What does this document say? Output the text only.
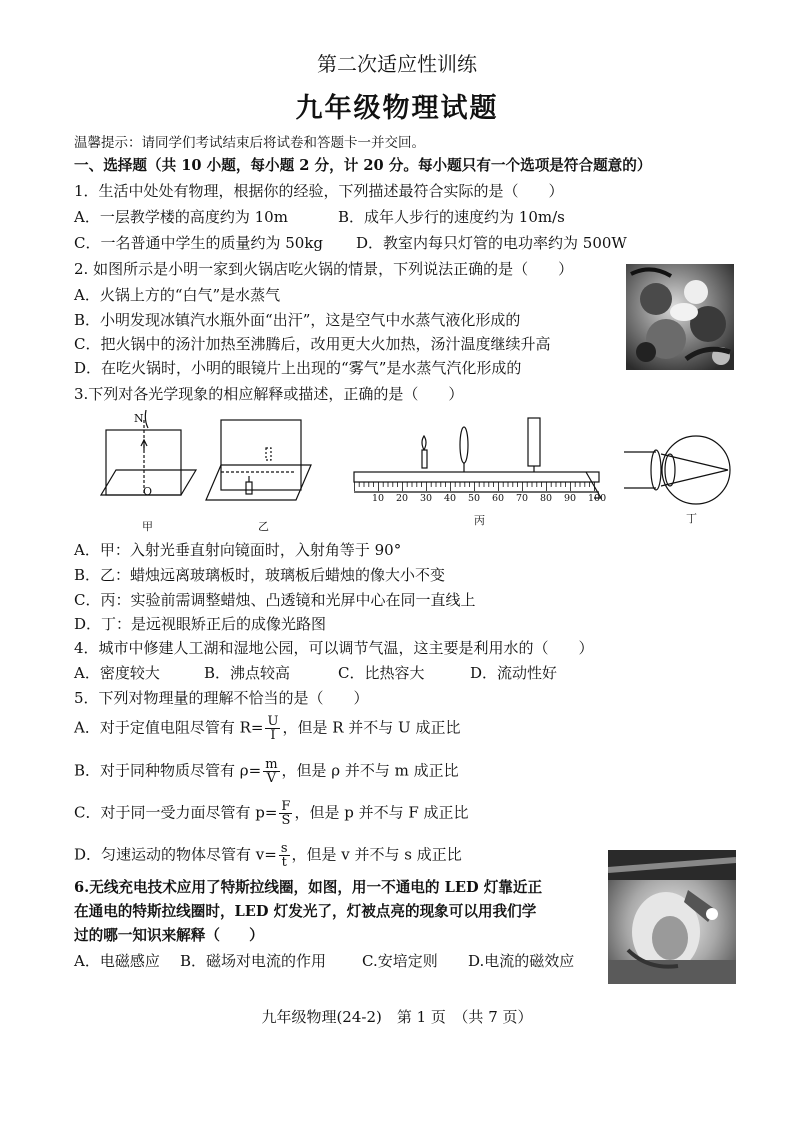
第二次适应性训练
九年级物理试题
温馨提示：请同学们考试结束后将试卷和答题卡一并交回。
一、选择题（共 10 小题，每小题 2 分，计 20 分。每小题只有一个选项是符合题意的）
1．生活中处处有物理，根据你的经验，下列描述最符合实际的是（　　）
A．一层教学楼的高度约为 10m	B．成年人步行的速度约为 10m/s
C．一名普通中学生的质量约为 50kg D．教室内每只灯管的电功率约为 500W
2. 如图所示是小明一家到火锅店吃火锅的情景，下列说法正确的是（　　）
A．火锅上方的“白气”是水蒸气
B．小明发现冰镇汽水瓶外面“出汗”，这是空气中水蒸气液化形成的
C．把火锅中的汤汁加热至沸腾后，改用更大火加热，汤汁温度继续升高
D．在吃火锅时，小明的眼镜片上出现的“雾气”是水蒸气汽化形成的
3.下列对各光学现象的相应解释或描述，正确的是（　　）
N
O
10 20 30 40 50 60 70 80 90 100
甲	乙	丙	丁
A．甲：入射光垂直射向镜面时，入射角等于 90°
B．乙：蜡烛远离玻璃板时，玻璃板后蜡烛的像大小不变
C．丙：实验前需调整蜡烛、凸透镜和光屏中心在同一直线上
D．丁：是远视眼矫正后的成像光路图
4．城市中修建人工湖和湿地公园，可以调节气温，这主要是利用水的（　　）
A．密度较大	B．沸点较高	C．比热容大	D．流动性好
5．下列对物理量的理解不恰当的是（　　）
A．对于定值电阻尽管有 $R= \frac{U}{I}$ ，但是 R 并不与 U 成正比
B．对于同种物质尽管有 $\rho= \frac{m}{V}$ ，但是 ρ 并不与 m 成正比
C．对于同一受力面尽管有 $p= \frac{F}{S}$ ，但是 p 并不与 F 成正比
D．匀速运动的物体尽管有 $v= \frac{s}{t}$ ，但是 v 并不与 s 成正比
6.无线充电技术应用了特斯拉线圈，如图，用一不通电的 LED 灯靠近正
在通电的特斯拉线圈时，LED 灯发光了，灯被点亮的现象可以用我们学
过的哪一知识来解释（　　）
A．电磁感应 B．磁场对电流的作用 C.安培定则 D.电流的磁效应
九年级物理(24-2)　第 1 页　（共 7 页）
